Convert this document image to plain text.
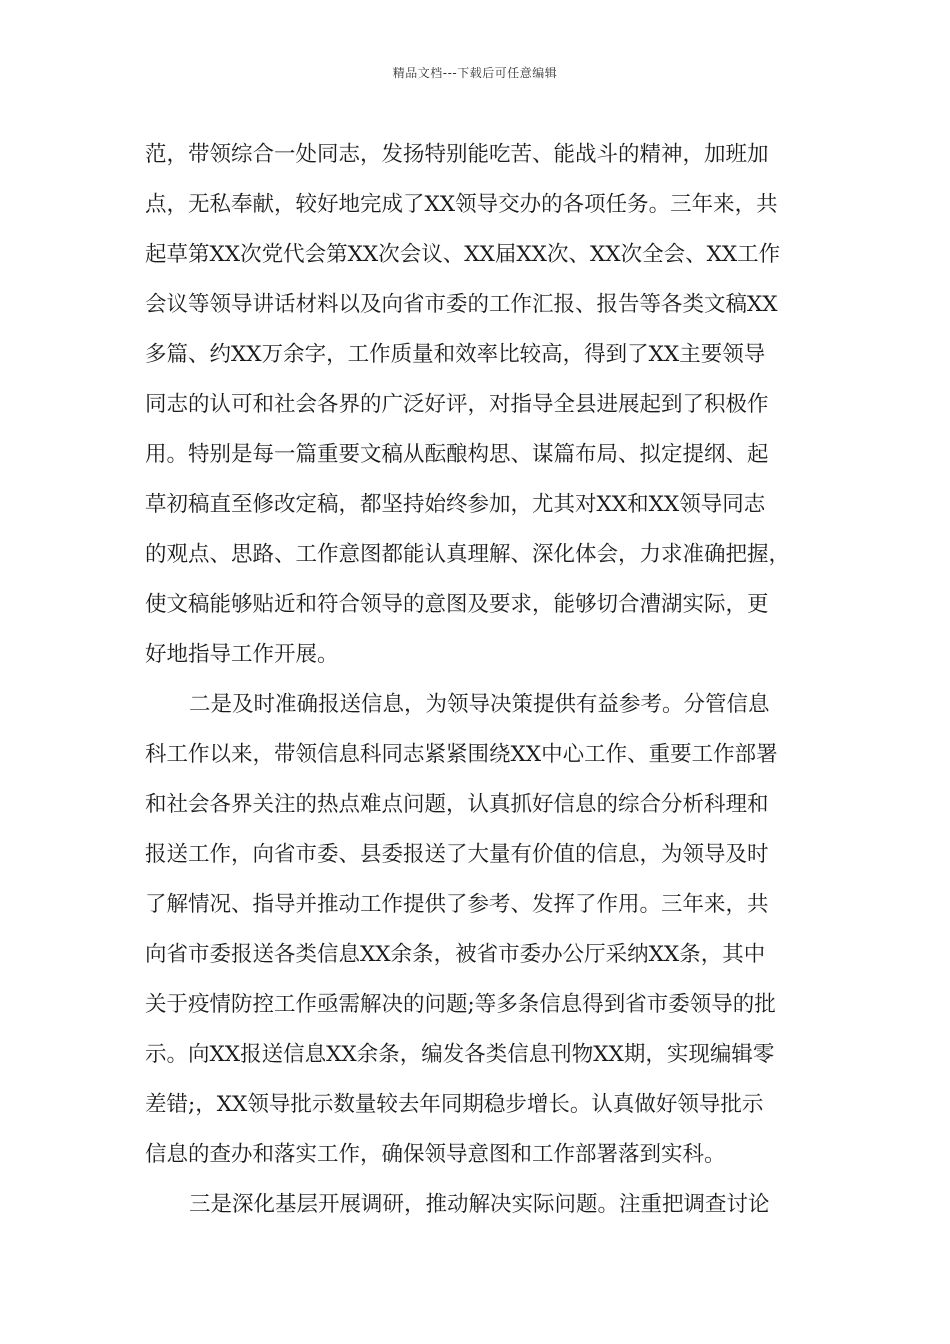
精品文档---下载后可任意编辑
范，带领综合一处同志，发扬特别能吃苦、能战斗的精神，加班加
点，无私奉献，较好地完成了XX领导交办的各项任务。三年来，共
起草第XX次党代会第XX次会议、XX届XX次、XX次全会、XX工作
会议等领导讲话材料以及向省市委的工作汇报、报告等各类文稿XX
多篇、约XX万余字，工作质量和效率比较高，得到了XX主要领导
同志的认可和社会各界的广泛好评，对指导全县进展起到了积极作
用。特别是每一篇重要文稿从酝酿构思、谋篇布局、拟定提纲、起
草初稿直至修改定稿，都坚持始终参加，尤其对XX和XX领导同志
的观点、思路、工作意图都能认真理解、深化体会，力求准确把握，
使文稿能够贴近和符合领导的意图及要求，能够切合漕湖实际，更
好地指导工作开展。
二是及时准确报送信息，为领导决策提供有益参考。分管信息
科工作以来，带领信息科同志紧紧围绕XX中心工作、重要工作部署
和社会各界关注的热点难点问题，认真抓好信息的综合分析科理和
报送工作，向省市委、县委报送了大量有价值的信息，为领导及时
了解情况、指导并推动工作提供了参考、发挥了作用。三年来，共
向省市委报送各类信息XX余条，被省市委办公厅采纳XX条，其中
关于疫情防控工作亟需解决的问题;等多条信息得到省市委领导的批
示。向XX报送信息XX余条，编发各类信息刊物XX期，实现编辑零
差错;，XX领导批示数量较去年同期稳步增长。认真做好领导批示
信息的查办和落实工作，确保领导意图和工作部署落到实科。
三是深化基层开展调研，推动解决实际问题。注重把调查讨论
